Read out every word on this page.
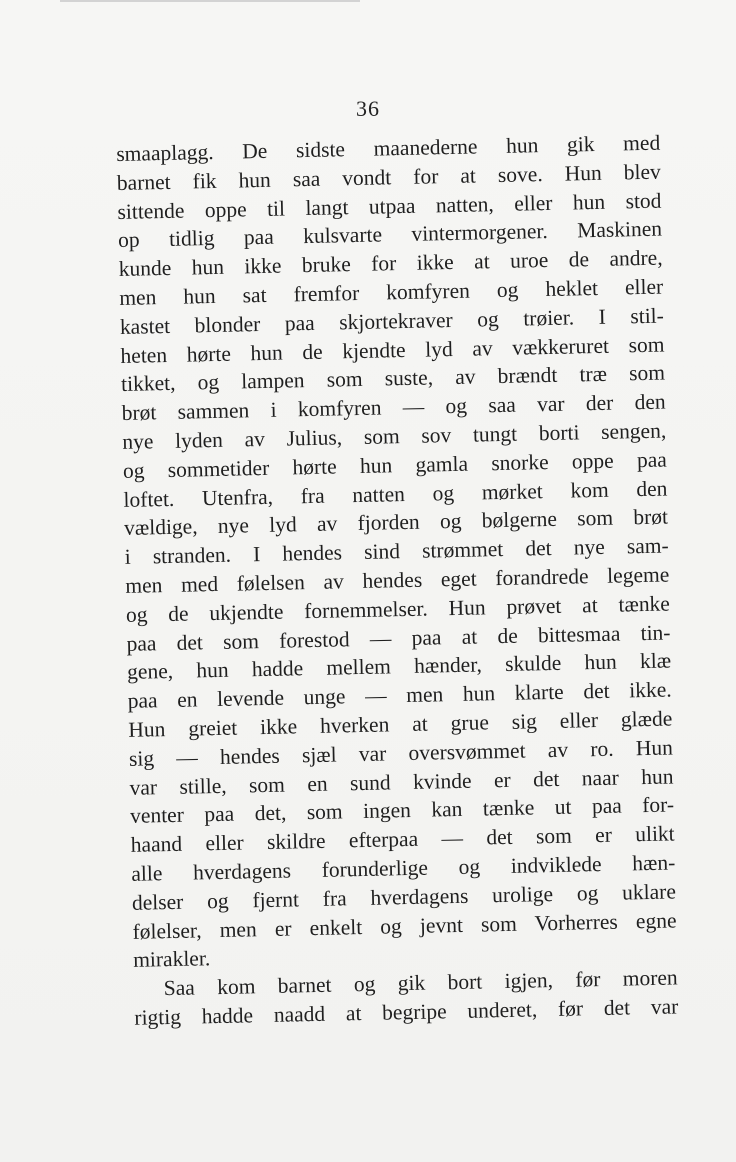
36
smaaplagg. De sidste maanederne hun gik med
barnet fik hun saa vondt for at sove. Hun blev
sittende oppe til langt utpaa natten, eller hun stod
op tidlig paa kulsvarte vintermorgener. Maskinen
kunde hun ikke bruke for ikke at uroe de andre,
men hun sat fremfor komfyren og heklet eller
kastet blonder paa skjortekraver og trøier. I stil-
heten hørte hun de kjendte lyd av vækkeruret som
tikket, og lampen som suste, av brændt træ som
brøt sammen i komfyren — og saa var der den
nye lyden av Julius, som sov tungt borti sengen,
og sommetider hørte hun gamla snorke oppe paa
loftet. Utenfra, fra natten og mørket kom den
vældige, nye lyd av fjorden og bølgerne som brøt
i stranden. I hendes sind strømmet det nye sam-
men med følelsen av hendes eget forandrede legeme
og de ukjendte fornemmelser. Hun prøvet at tænke
paa det som forestod — paa at de bittesmaa tin-
gene, hun hadde mellem hænder, skulde hun klæ
paa en levende unge — men hun klarte det ikke.
Hun greiet ikke hverken at grue sig eller glæde
sig — hendes sjæl var oversvømmet av ro. Hun
var stille, som en sund kvinde er det naar hun
venter paa det, som ingen kan tænke ut paa for-
haand eller skildre efterpaa — det som er ulikt
alle hverdagens forunderlige og indviklede hæn-
delser og fjernt fra hverdagens urolige og uklare
følelser, men er enkelt og jevnt som Vorherres egne
mirakler.
Saa kom barnet og gik bort igjen, før moren
rigtig hadde naadd at begripe underet, før det var
